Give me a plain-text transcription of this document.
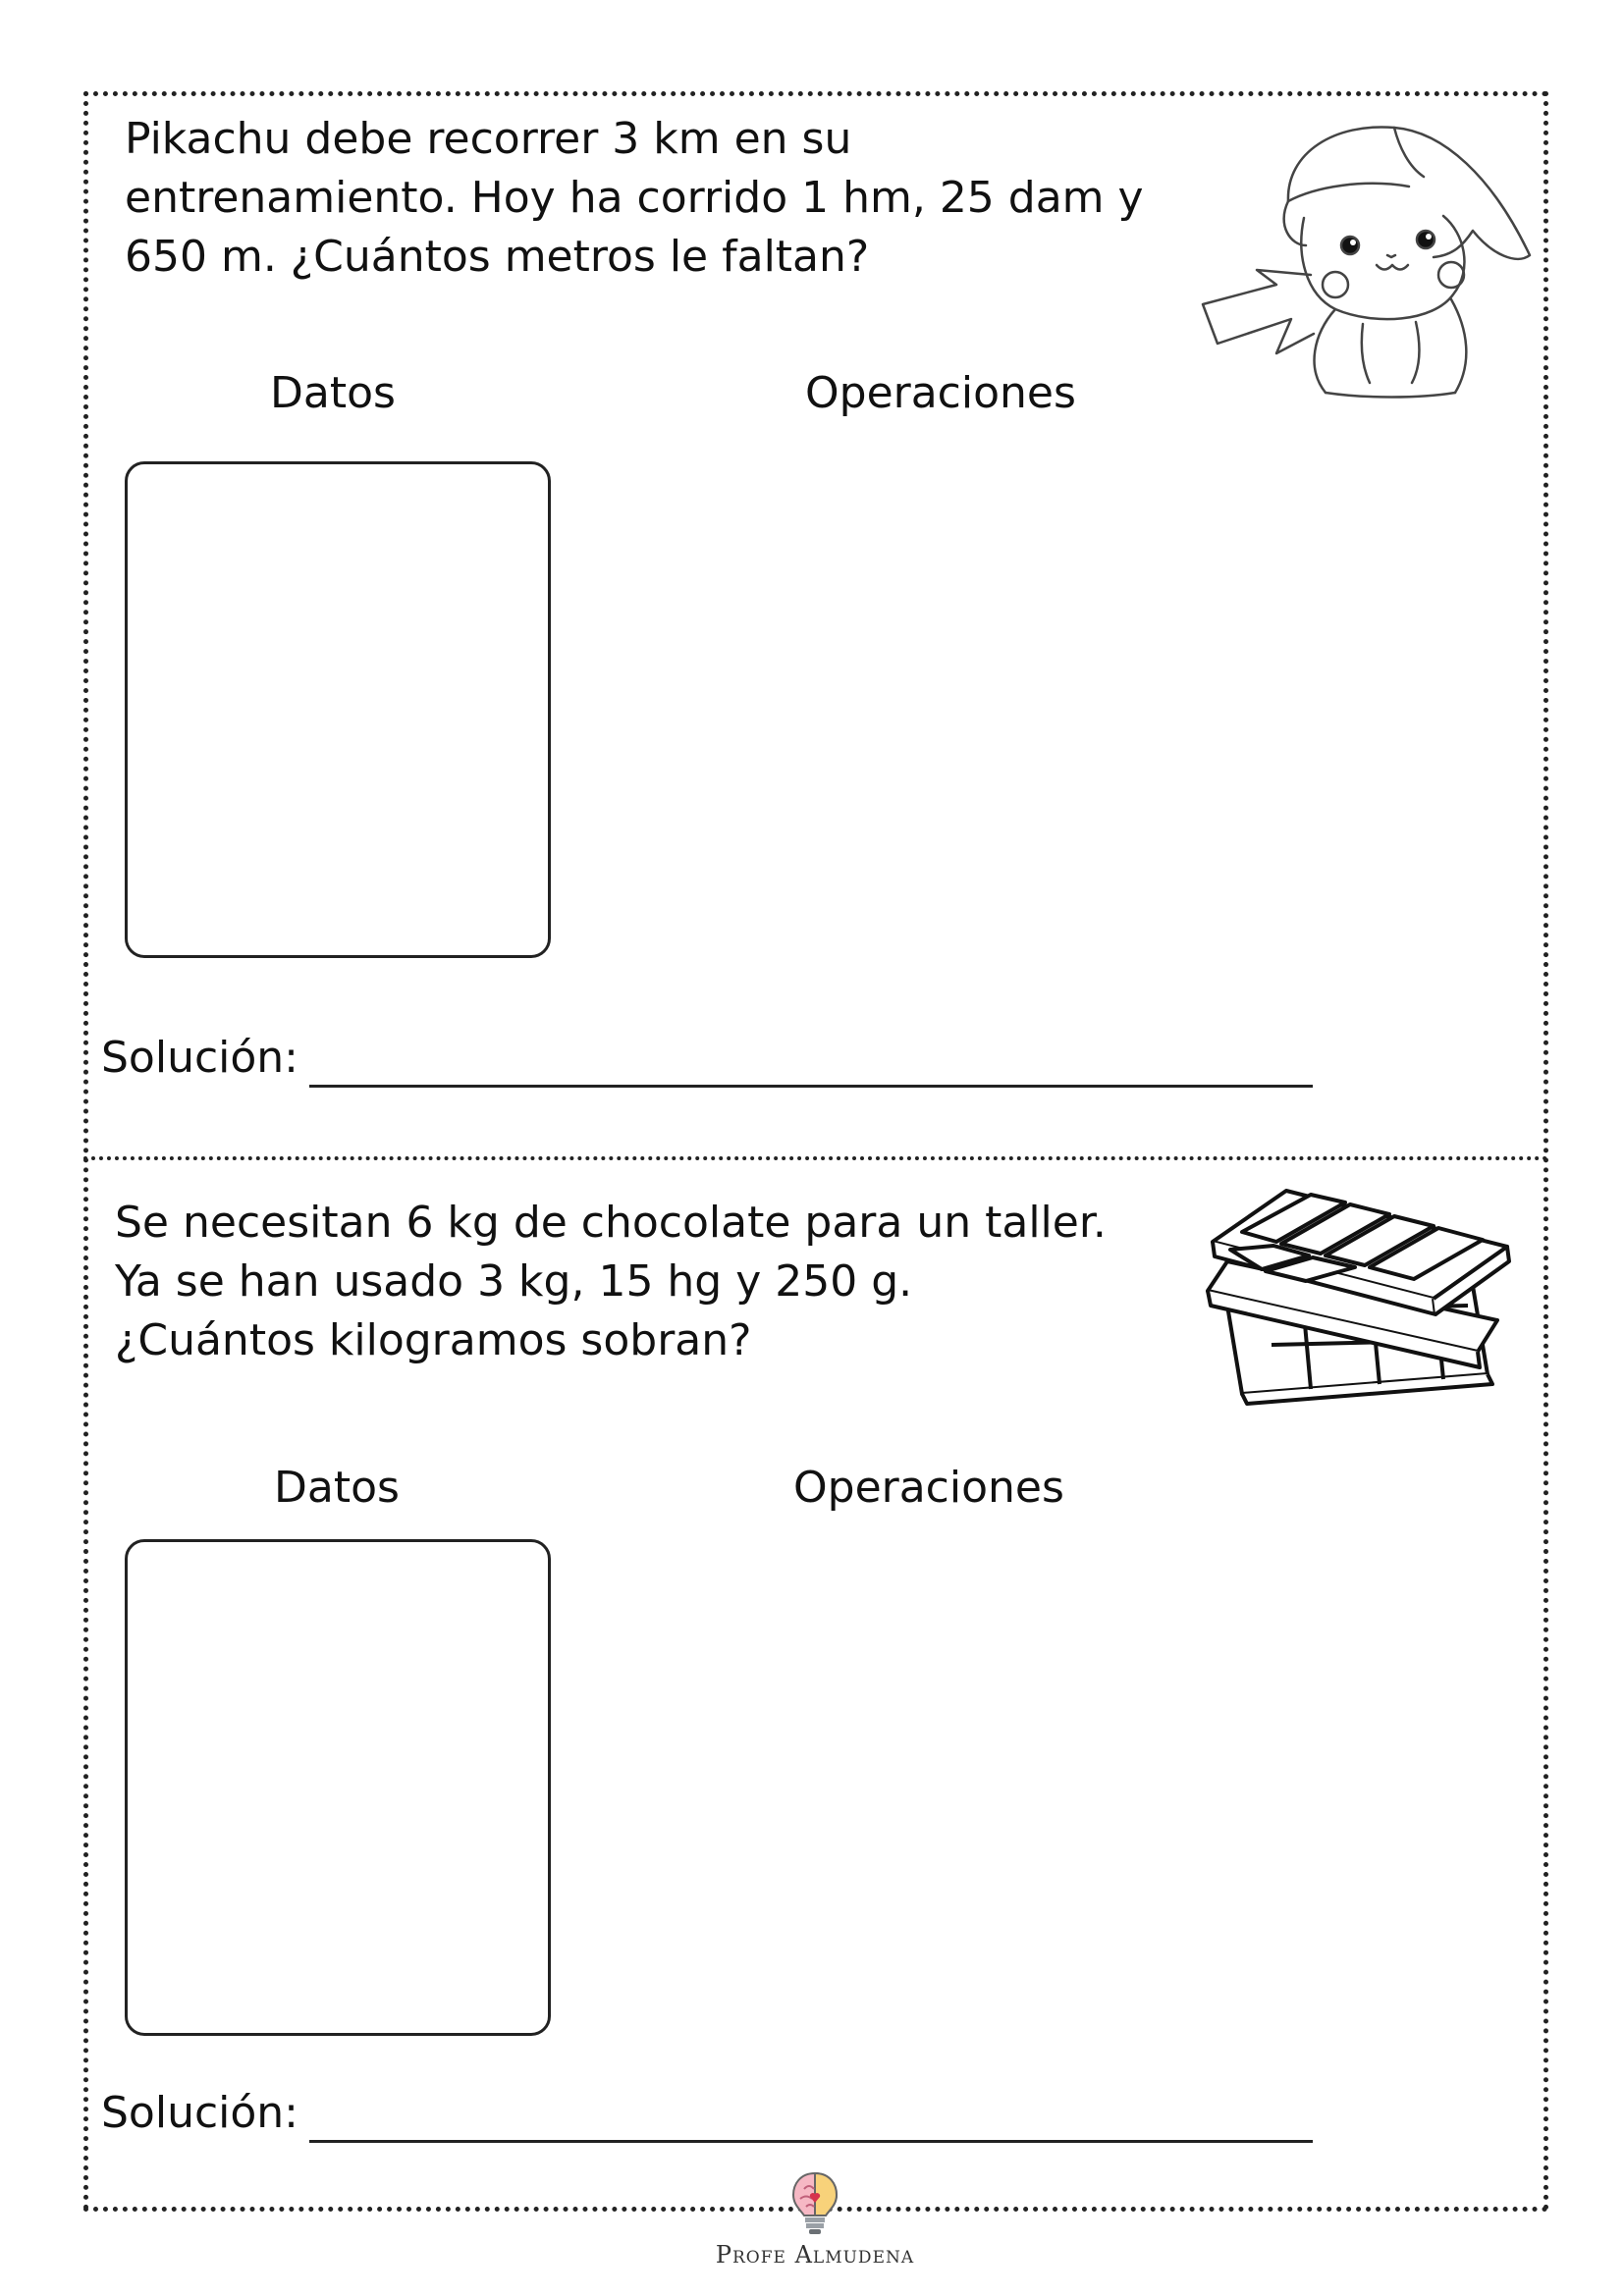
Pikachu debe recorrer 3 km en su

entrenamiento. Hoy ha corrido 1 hm, 25 dam y

650 m. ¿Cuántos metros le faltan?

Datos	Operaciones
Solución:

Se necesitan 6 kg de chocolate para un taller.

Ya se han usado 3 kg, 15 hg y 250 g.

¿Cuántos kilogramos sobran?

Datos	Operaciones
Solución:
Profe Almudena
